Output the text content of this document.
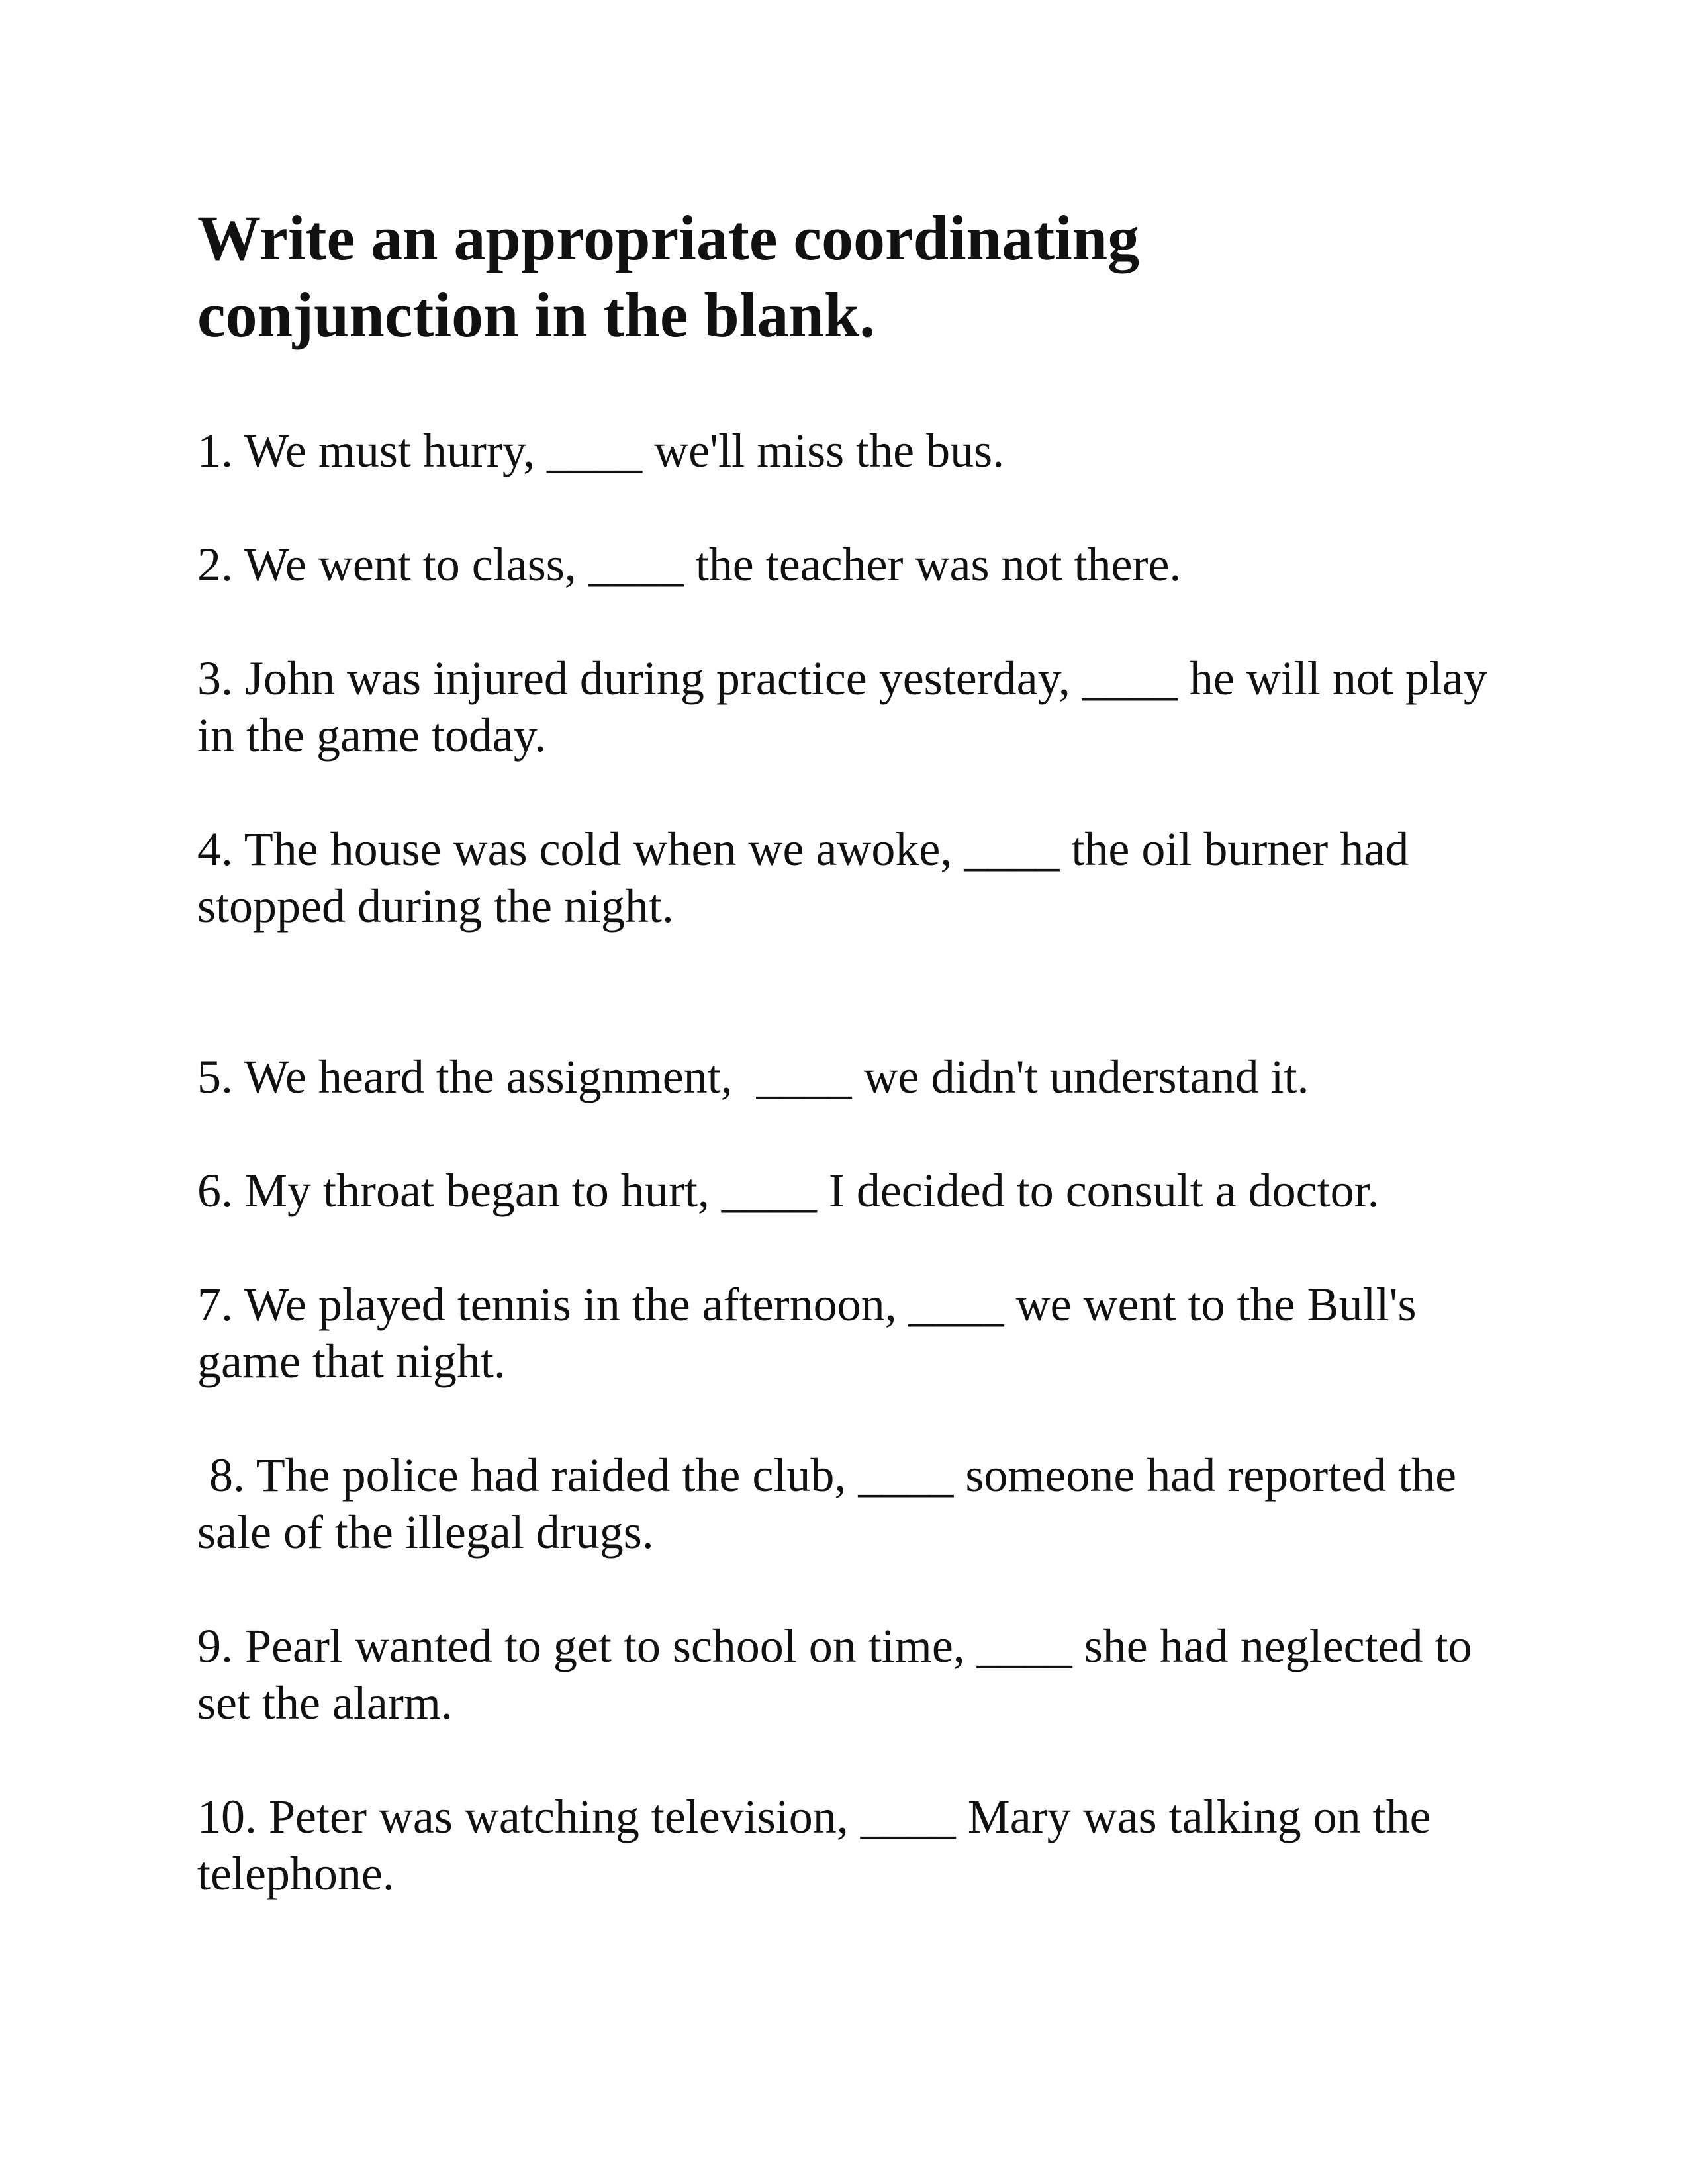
Write an appropriate coordinating conjunction in the blank.

1. We must hurry, ____ we'll miss the bus.

2. We went to class, ____ the teacher was not there.

3. John was injured during practice yesterday, ____ he will not play in the game today.

4. The house was cold when we awoke, ____ the oil burner had stopped during the night.

5. We heard the assignment,  ____ we didn't understand it.

6. My throat began to hurt, ____ I decided to consult a doctor.

7. We played tennis in the afternoon, ____ we went to the Bull's game that night.

8. The police had raided the club, ____ someone had reported the sale of the illegal drugs.

9. Pearl wanted to get to school on time, ____ she had neglected to set the alarm.

10. Peter was watching television, ____ Mary was talking on the telephone.
